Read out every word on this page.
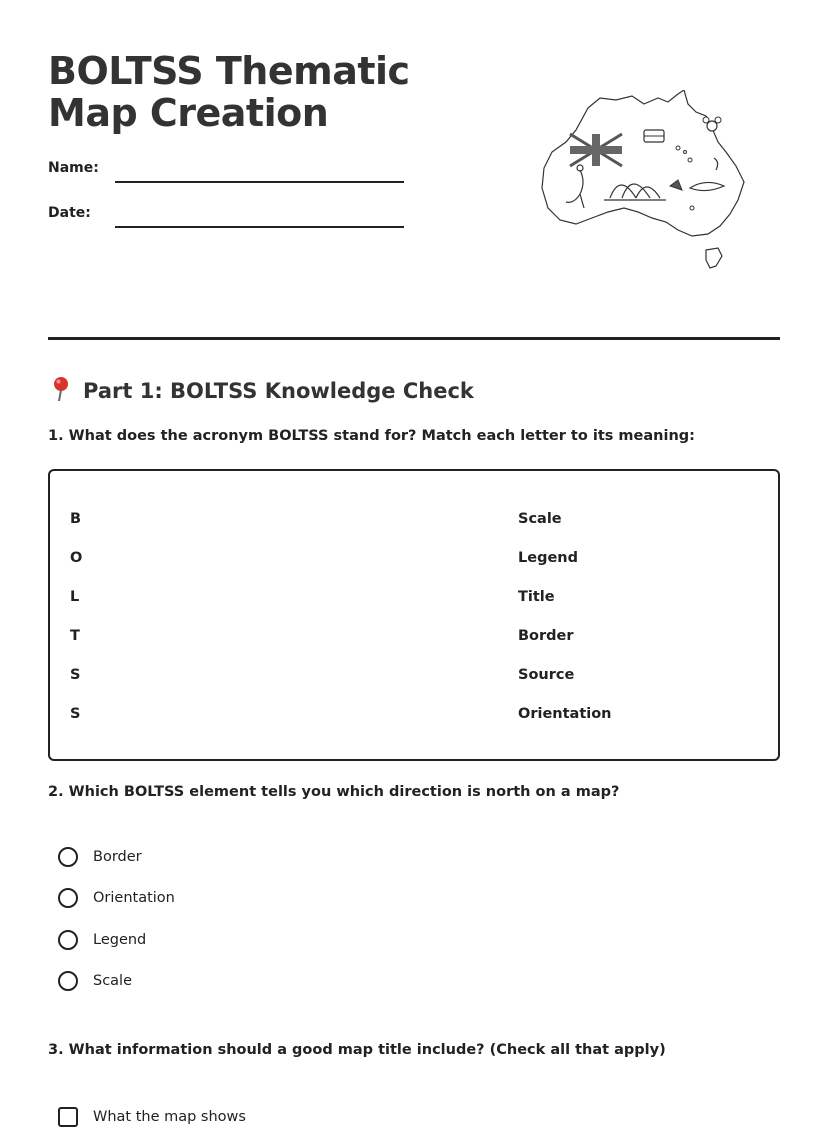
BOLTSS Thematic Map Creation
Name:
Date:
Part 1: BOLTSS Knowledge Check

1. What does the acronym BOLTSS stand for? Match each letter to its meaning:

B
O
L
T
S
S
Scale
Legend
Title
Border
Source
Orientation

2. Which BOLTSS element tells you which direction is north on a map?

Border
Orientation
Legend
Scale

3. What information should a good map title include? (Check all that apply)

What the map shows
